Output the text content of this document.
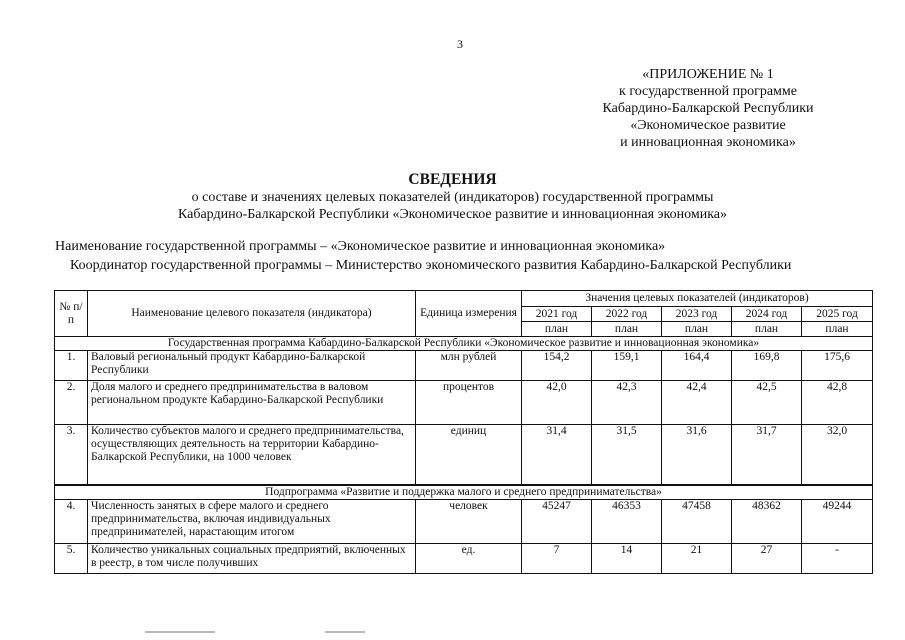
3
«ПРИЛОЖЕНИЕ № 1
к государственной программе
Кабардино-Балкарской Республики
«Экономическое развитие
и инновационная экономика»
СВЕДЕНИЯ
о составе и значениях целевых показателей (индикаторов) государственной программы
Кабардино-Балкарской Республики «Экономическое развитие и инновационная экономика»
Наименование государственной программы – «Экономическое развитие и инновационная экономика»
Координатор государственной программы – Министерство экономического развития Кабардино-Балкарской Республики
№ п/п	Наименование целевого показателя (индикатора)	Единица измерения	Значения целевых показателей (индикаторов)				
			2021 год	2022 год	2023 год	2024 год	2025 год
			план	план	план	план	план
Государственная программа Кабардино-Балкарской Республики «Экономическое развитие и инновационная экономика»							
1.	Валовый региональный продукт Кабардино-Балкарской Республики	млн рублей	154,2	159,1	164,4	169,8	175,6
2.	Доля малого и среднего предпринимательства в валовом региональном продукте Кабардино-Балкарской Республики	процентов	42,0	42,3	42,4	42,5	42,8
3.	Количество субъектов малого и среднего предпринимательства, осуществляющих деятельность на территории Кабардино-Балкарской Республики, на 1000 человек	единиц	31,4	31,5	31,6	31,7	32,0
Подпрограмма «Развитие и поддержка малого и среднего предпринимательства»							
4.	Численность занятых в сфере малого и среднего предпринимательства, включая индивидуальных предпринимателей, нарастающим итогом	человек	45247	46353	47458	48362	49244
5.	Количество уникальных социальных предприятий, включенных в реестр, в том числе получивших	ед.	7	14	21	27	-
